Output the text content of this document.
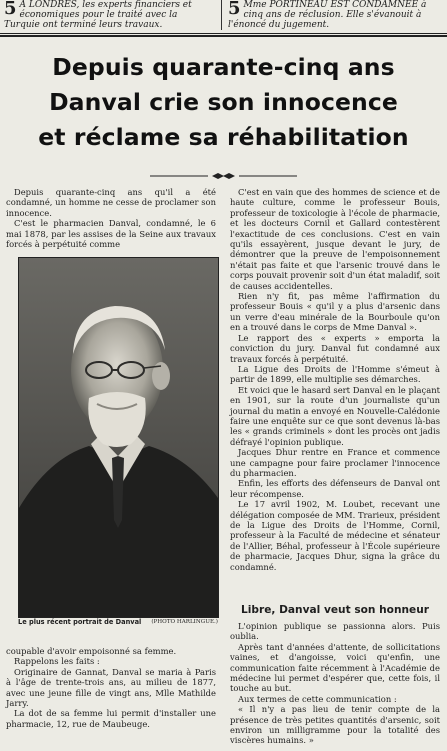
5 A LONDRES, les experts financiers et économiques pour le traité avec la Turquie ont terminé leurs travaux.
5 Mme PORTINEAU EST CONDAMNÉE à cinq ans de réclusion. Elle s'évanouit à l'énoncé du jugement.
Depuis quarante-cinq ans
Danval crie son innocence
et réclame sa réhabilitation

Depuis quarante-cinq ans qu'il a été condamné, un homme ne cesse de proclamer son innocence.

C'est le pharmacien Danval, condamné, le 6 mai 1878, par les assises de la Seine aux travaux forcés à perpétuité comme

(PHOTO HARLINGUE.)
Le plus récent portrait de Danval

coupable d'avoir empoisonné sa femme.

Rappelons les faits :

Originaire de Gannat, Danval se maria à Paris à l'âge de trente-trois ans, au milieu de 1877, avec une jeune fille de vingt ans, Mlle Mathilde Jarry.

La dot de sa femme lui permit d'installer une pharmacie, 12, rue de Maubeuge.

C'est en vain que des hommes de science et de haute culture, comme le professeur Bouis, professeur de toxicologie à l'école de pharmacie, et les docteurs Cornil et Gallard contestèrent l'exactitude de ces conclusions. C'est en vain qu'ils essayèrent, jusque devant le jury, de démontrer que la preuve de l'empoisonnement n'était pas faite et que l'arsenic trouvé dans le corps pouvait provenir soit d'un état maladif, soit de causes accidentelles.

Rien n'y fit, pas même l'affirmation du professeur Bouis « qu'il y a plus d'arsenic dans un verre d'eau minérale de la Bourboule qu'on en a trouvé dans le corps de Mme Danval ».

Le rapport des « experts » emporta la conviction du jury. Danval fut condamné aux travaux forcés à perpétuité.

La Ligue des Droits de l'Homme s'émeut à partir de 1899, elle multiplie ses démarches.

Et voici que le hasard sert Danval en le plaçant en 1901, sur la route d'un journaliste qu'un journal du matin a envoyé en Nouvelle-Calédonie faire une enquête sur ce que sont devenus là-bas les « grands criminels » dont les procès ont jadis défrayé l'opinion publique.

Jacques Dhur rentre en France et commence une campagne pour faire proclamer l'innocence du pharmacien.

Enfin, les efforts des défenseurs de Danval ont leur récompense.

Le 17 avril 1902, M. Loubet, recevant une délégation composée de MM. Trarieux, président de la Ligue des Droits de l'Homme, Cornil, professeur à la Faculté de médecine et sénateur de l'Allier, Béhal, professeur à l'École supérieure de pharmacie, Jacques Dhur, signa la grâce du condamné.

Libre, Danval veut son honneur

L'opinion publique se passionna alors. Puis oublia.

Après tant d'années d'attente, de sollicitations vaines, et d'angoisse, voici qu'enfin, une communication faite récemment à l'Académie de médecine lui permet d'espérer que, cette fois, il touche au but.

Aux termes de cette communication :

« Il n'y a pas lieu de tenir compte de la présence de très petites quantités d'arsenic, soit environ un milligramme pour la totalité des viscères humains. »
